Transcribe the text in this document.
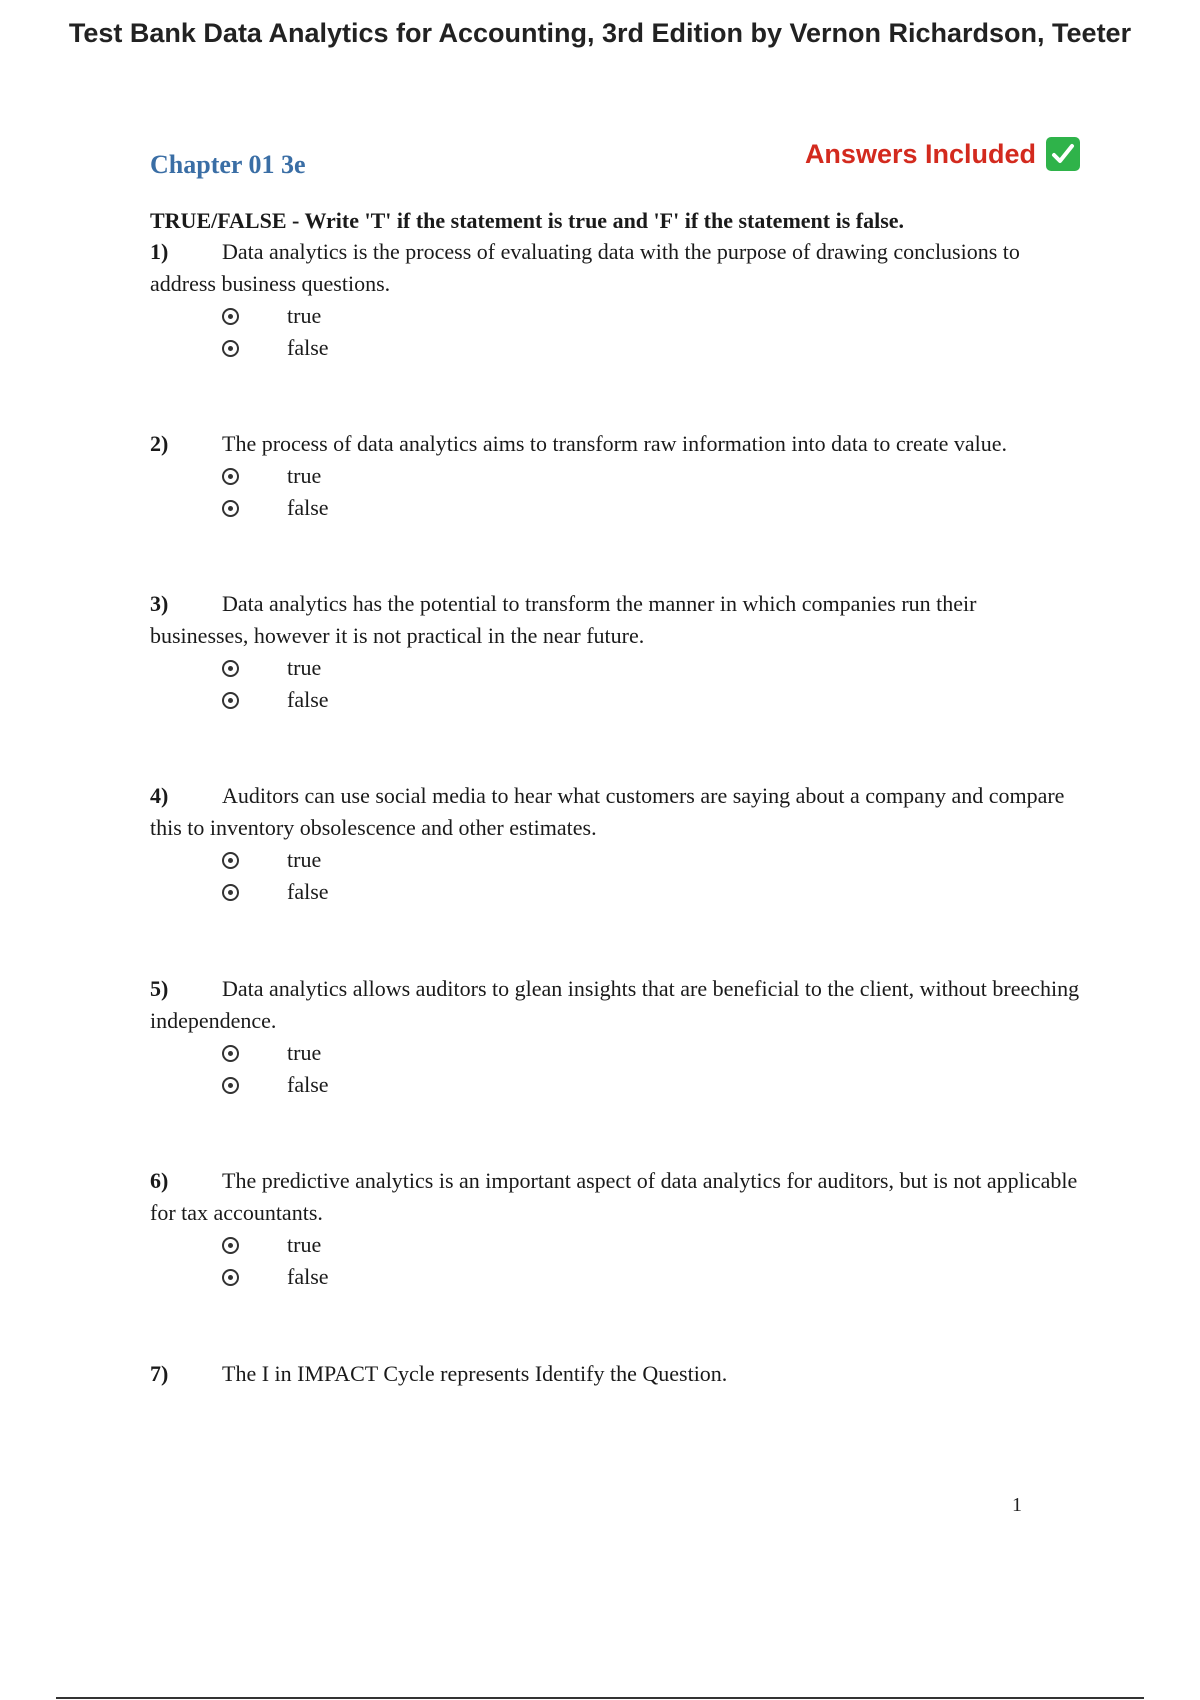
Test Bank Data Analytics for Accounting, 3rd Edition by Vernon Richardson, Teeter
Chapter 01 3e	Answers Included
TRUE/FALSE - Write 'T' if the statement is true and 'F' if the statement is false.

1) Data analytics is the process of evaluating data with the purpose of drawing conclusions to address business questions.

true
false

2) The process of data analytics aims to transform raw information into data to create value.

true
false

3) Data analytics has the potential to transform the manner in which companies run their businesses, however it is not practical in the near future.

true
false

4) Auditors can use social media to hear what customers are saying about a company and compare this to inventory obsolescence and other estimates.

true
false

5) Data analytics allows auditors to glean insights that are beneficial to the client, without breeching independence.

true
false

6) The predictive analytics is an important aspect of data analytics for auditors, but is not applicable for tax accountants.

true
false

7) The I in IMPACT Cycle represents Identify the Question.

1
